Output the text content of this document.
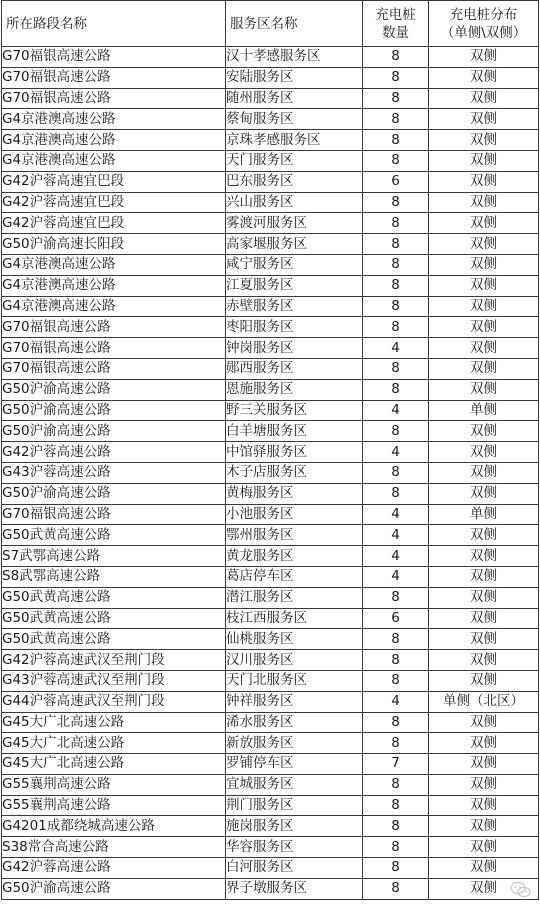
所在路段名称	服务区名称	充电桩
数量	充电桩分布
（单侧\双侧）

G70福银高速公路	汉十孝感服务区	8	双侧
G70福银高速公路	安陆服务区	8	双侧
G70福银高速公路	随州服务区	8	双侧
G4京港澳高速公路	蔡甸服务区	8	双侧
G4京港澳高速公路	京珠孝感服务区	8	双侧
G4京港澳高速公路	天门服务区	8	双侧
G42沪蓉高速宜巴段	巴东服务区	6	双侧
G42沪蓉高速宜巴段	兴山服务区	8	双侧
G42沪蓉高速宜巴段	雾渡河服务区	8	双侧
G50沪渝高速长阳段	高家堰服务区	8	双侧
G4京港澳高速公路	咸宁服务区	8	双侧
G4京港澳高速公路	江夏服务区	8	双侧
G4京港澳高速公路	赤壁服务区	8	双侧
G70福银高速公路	枣阳服务区	8	双侧
G70福银高速公路	钟岗服务区	4	双侧
G70福银高速公路	郧西服务区	8	双侧
G50沪渝高速公路	恩施服务区	8	双侧
G50沪渝高速公路	野三关服务区	4	单侧
G50沪渝高速公路	白羊塘服务区	8	双侧
G42沪蓉高速公路	中馆驿服务区	4	双侧
G43沪蓉高速公路	木子店服务区	8	双侧
G50沪渝高速公路	黄梅服务区	8	双侧
G70福银高速公路	小池服务区	4	单侧
G50武黄高速公路	鄂州服务区	4	双侧
S7武鄂高速公路	黄龙服务区	4	双侧
S8武鄂高速公路	葛店停车区	4	双侧
G50武黄高速公路	潜江服务区	8	双侧
G50武黄高速公路	枝江西服务区	6	双侧
G50武黄高速公路	仙桃服务区	8	双侧
G42沪蓉高速武汉至荆门段	汉川服务区	8	双侧
G43沪蓉高速武汉至荆门段	天门北服务区	8	双侧
G44沪蓉高速武汉至荆门段	钟祥服务区	4	单侧（北区）
G45大广北高速公路	浠水服务区	8	双侧
G45大广北高速公路	新放服务区	8	双侧
G45大广北高速公路	罗铺停车区	7	双侧
G55襄荆高速公路	宜城服务区	8	双侧
G55襄荆高速公路	荆门服务区	8	双侧
G4201成都绕城高速公路	施岗服务区	8	双侧
S38常合高速公路	华容服务区	8	双侧
G42沪蓉高速公路	白河服务区	8	双侧
G50沪渝高速公路	界子墩服务区	8	双侧
